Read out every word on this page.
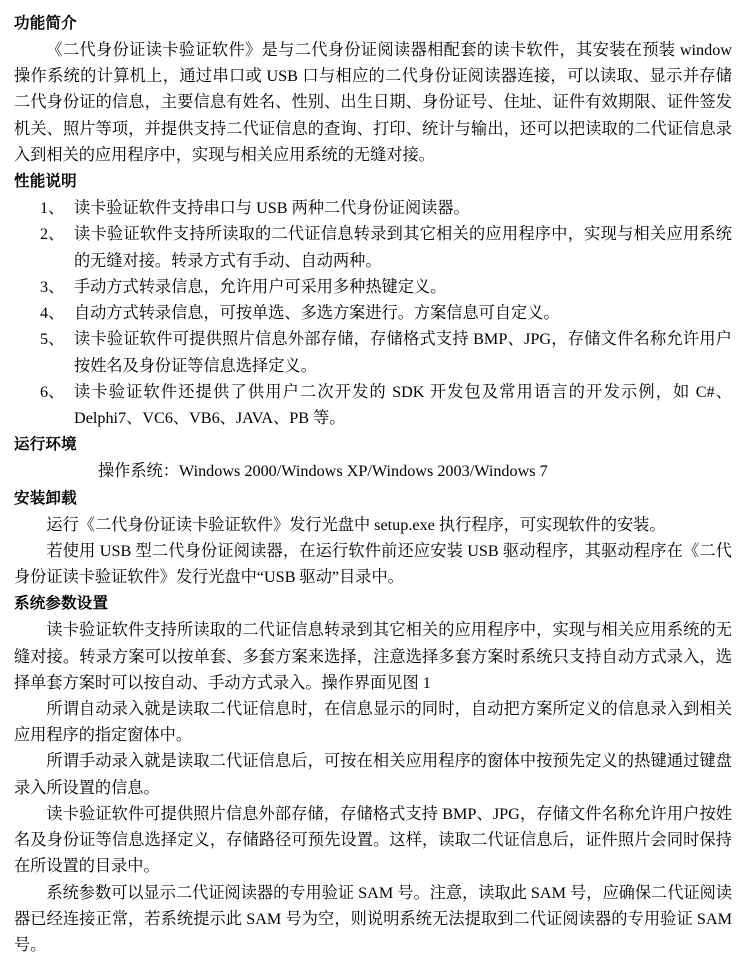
功能简介

《二代身份证读卡验证软件》是与二代身份证阅读器相配套的读卡软件，其安装在预装 window 操作系统的计算机上，通过串口或 USB 口与相应的二代身份证阅读器连接，可以读取、显示并存储二代身份证的信息，主要信息有姓名、性别、出生日期、身份证号、住址、证件有效期限、证件签发机关、照片等项，并提供支持二代证信息的查询、打印、统计与输出，还可以把读取的二代证信息录入到相关的应用程序中，实现与相关应用系统的无缝对接。

性能说明
1、 读卡验证软件支持串口与 USB 两种二代身份证阅读器。
2、 读卡验证软件支持所读取的二代证信息转录到其它相关的应用程序中，实现与相关应用系统的无缝对接。转录方式有手动、自动两种。
3、 手动方式转录信息，允许用户可采用多种热键定义。
4、 自动方式转录信息，可按单选、多选方案进行。方案信息可自定义。
5、 读卡验证软件可提供照片信息外部存储，存储格式支持 BMP、JPG，存储文件名称允许用户按姓名及身份证等信息选择定义。
6、 读卡验证软件还提供了供用户二次开发的 SDK 开发包及常用语言的开发示例，如 C#、Delphi7、VC6、VB6、JAVA、PB 等。
运行环境

操作系统：Windows 2000/Windows XP/Windows 2003/Windows 7

安装卸载

运行《二代身份证读卡验证软件》发行光盘中 setup.exe 执行程序，可实现软件的安装。

若使用 USB 型二代身份证阅读器，在运行软件前还应安装 USB 驱动程序，其驱动程序在《二代身份证读卡验证软件》发行光盘中“USB 驱动”目录中。

系统参数设置

读卡验证软件支持所读取的二代证信息转录到其它相关的应用程序中，实现与相关应用系统的无缝对接。转录方案可以按单套、多套方案来选择，注意选择多套方案时系统只支持自动方式录入，选择单套方案时可以按自动、手动方式录入。操作界面见图 1

所谓自动录入就是读取二代证信息时，在信息显示的同时，自动把方案所定义的信息录入到相关应用程序的指定窗体中。

所谓手动录入就是读取二代证信息后，可按在相关应用程序的窗体中按预先定义的热键通过键盘录入所设置的信息。

读卡验证软件可提供照片信息外部存储，存储格式支持 BMP、JPG，存储文件名称允许用户按姓名及身份证等信息选择定义，存储路径可预先设置。这样，读取二代证信息后，证件照片会同时保持在所设置的目录中。

系统参数可以显示二代证阅读器的专用验证 SAM 号。注意，读取此 SAM 号，应确保二代证阅读器已经连接正常，若系统提示此 SAM 号为空，则说明系统无法提取到二代证阅读器的专用验证 SAM 号。
